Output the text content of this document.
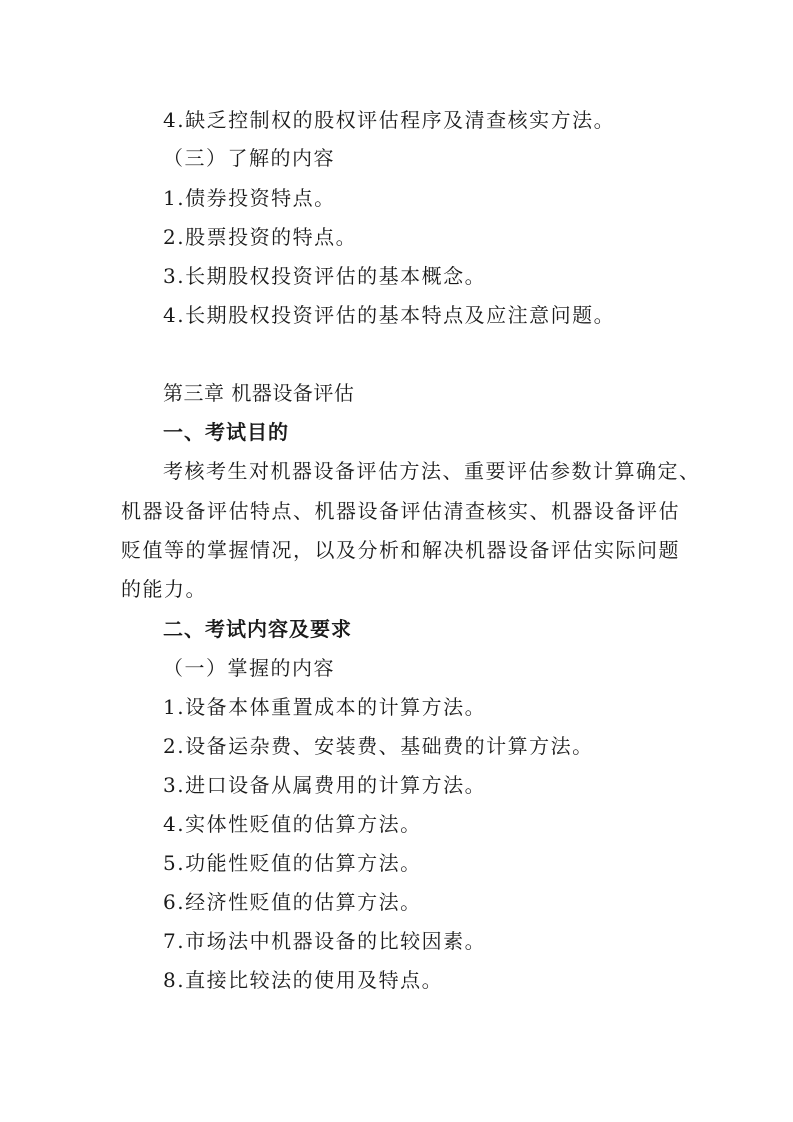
4.缺乏控制权的股权评估程序及清查核实方法。
（三）了解的内容
1.债券投资特点。
2.股票投资的特点。
3.长期股权投资评估的基本概念。
4.长期股权投资评估的基本特点及应注意问题。
第三章 机器设备评估
一、考试目的
考核考生对机器设备评估方法、重要评估参数计算确定、
机器设备评估特点、机器设备评估清查核实、机器设备评估
贬值等的掌握情况，以及分析和解决机器设备评估实际问题
的能力。
二、考试内容及要求
（一）掌握的内容
1.设备本体重置成本的计算方法。
2.设备运杂费、安装费、基础费的计算方法。
3.进口设备从属费用的计算方法。
4.实体性贬值的估算方法。
5.功能性贬值的估算方法。
6.经济性贬值的估算方法。
7.市场法中机器设备的比较因素。
8.直接比较法的使用及特点。
